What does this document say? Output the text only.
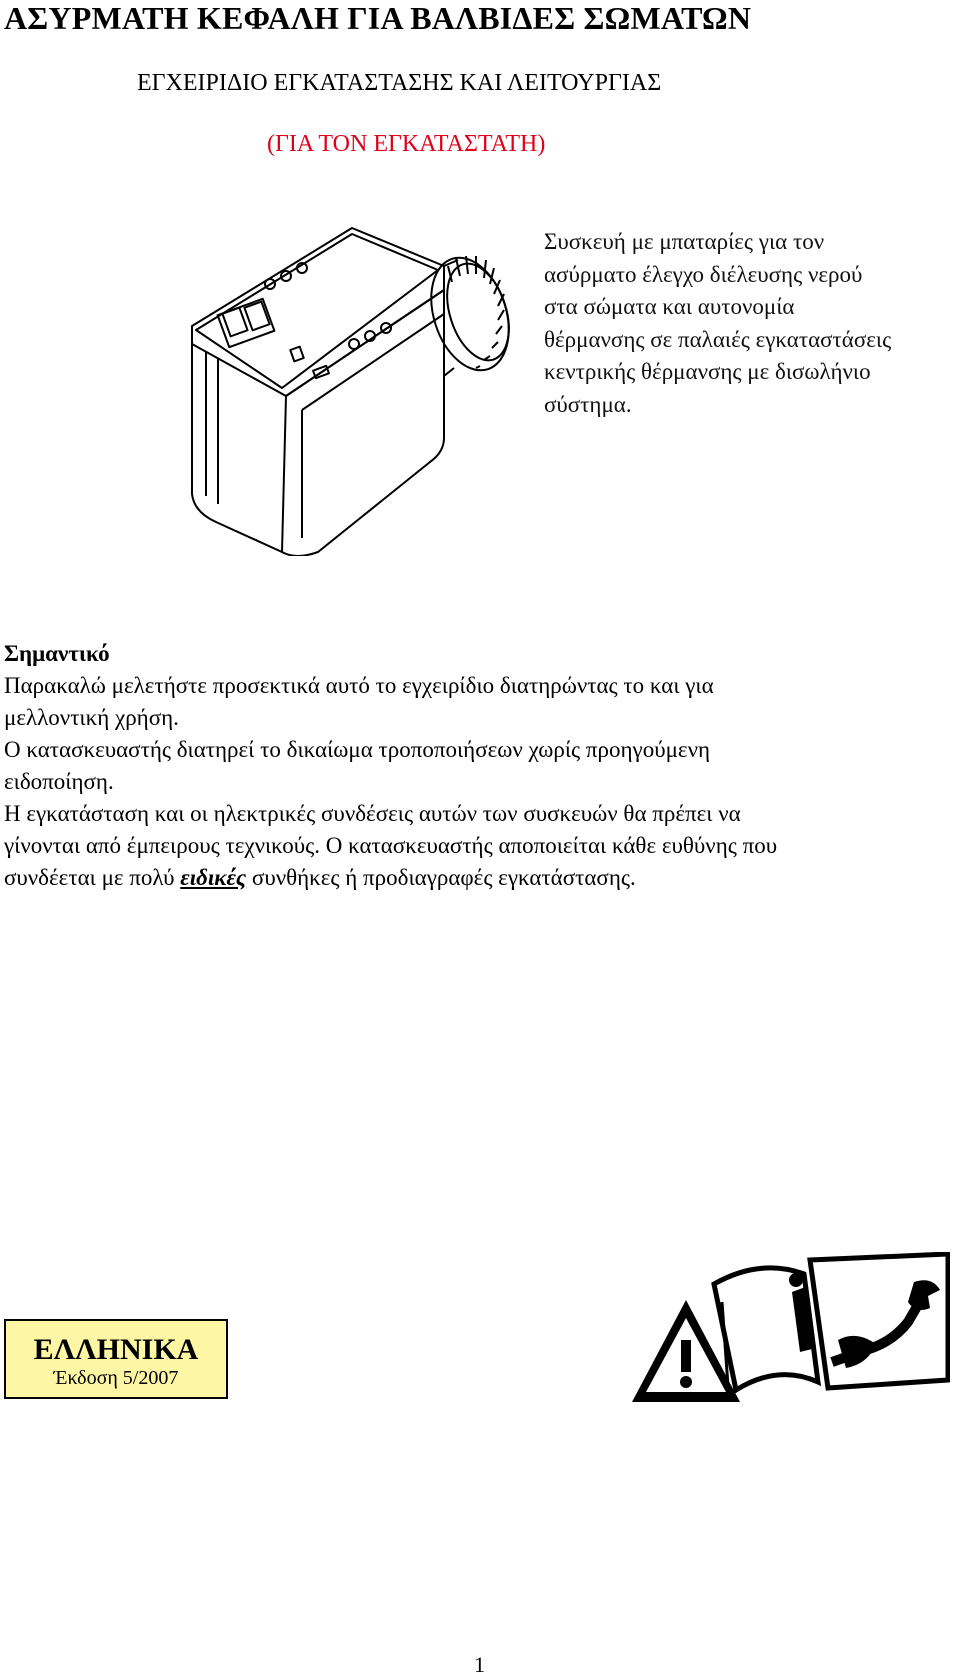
ΑΣΥΡΜΑΤΗ ΚΕΦΑΛΗ ΓΙΑ ΒΑΛΒΙΔΕΣ ΣΩΜΑΤΩΝ
ΕΓΧΕΙΡΙΔΙΟ ΕΓΚΑΤΑΣΤΑΣΗΣ ΚΑΙ ΛΕΙΤΟΥΡΓΙΑΣ
(ΓΙΑ ΤΟΝ ΕΓΚΑΤΑΣΤΑΤΗ)
Συσκευή με μπαταρίες για τον
ασύρματο έλεγχο διέλευσης νερού
στα σώματα και αυτονομία
θέρμανσης σε παλαιές εγκαταστάσεις
κεντρικής θέρμανσης με δισωλήνιο
σύστημα.
Σημαντικό
Παρακαλώ μελετήστε προσεκτικά αυτό το εγχειρίδιο διατηρώντας το και για
μελλοντική χρήση.
Ο κατασκευαστής διατηρεί το δικαίωμα τροποποιήσεων χωρίς προηγούμενη
ειδοποίηση.
Η εγκατάσταση και οι ηλεκτρικές συνδέσεις αυτών των συσκευών θα πρέπει να
γίνονται από έμπειρους τεχνικούς. Ο κατασκευαστής αποποιείται κάθε ευθύνης που
συνδέεται με πολύ ειδικές συνθήκες ή προδιαγραφές εγκατάστασης.
ΕΛΛΗΝΙΚΑ
Έκδοση 5/2007
1
